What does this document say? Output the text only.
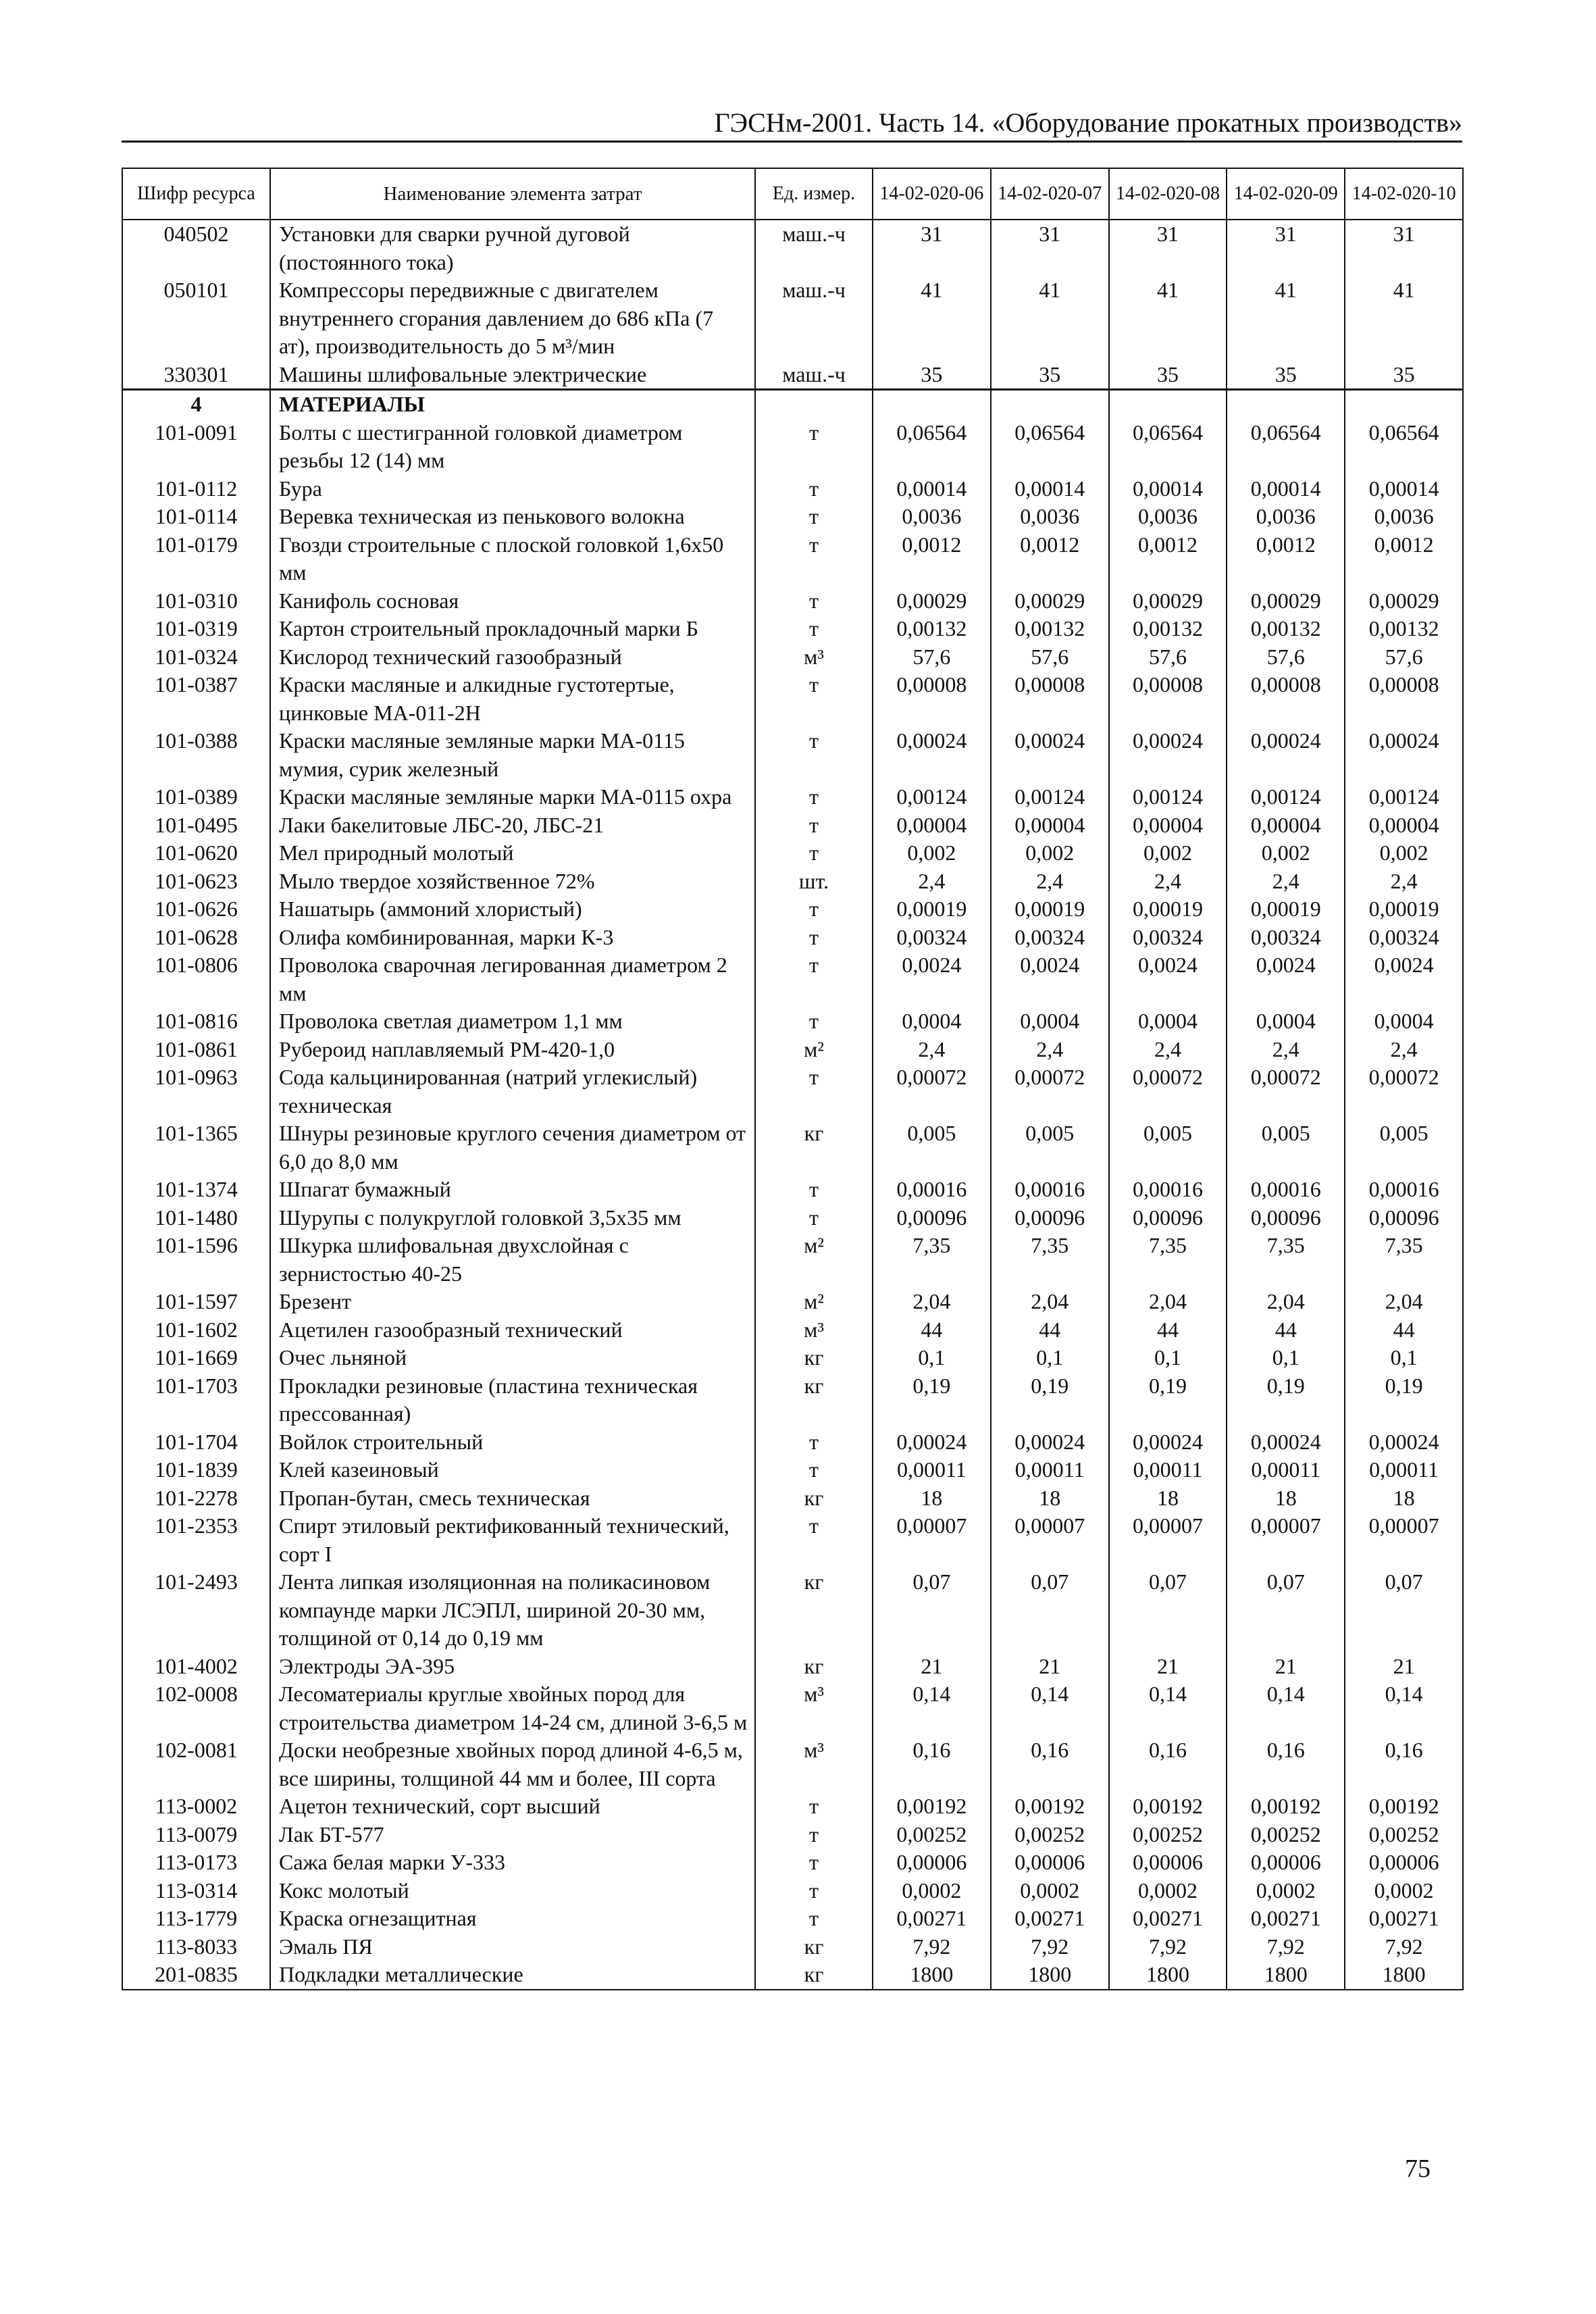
ГЭСНм-2001. Часть 14. «Оборудование прокатных производств»
Шифр ресурса	Наименование элемента затрат	Ед. измер.	14-02-020-06	14-02-020-07	14-02-020-08	14-02-020-09	14-02-020-10
040502	Установки для сварки ручной дуговой (постоянного тока)	маш.-ч	31	31	31	31	31
050101	Компрессоры передвижные с двигателем внутреннего сгорания давлением до 686 кПа (7 ат), производительность до 5 м³/мин	маш.-ч	41	41	41	41	41
330301	Машины шлифовальные электрические	маш.-ч	35	35	35	35	35
4	МАТЕРИАЛЫ						
101-0091	Болты с шестигранной головкой диаметром резьбы 12 (14) мм	т	0,06564	0,06564	0,06564	0,06564	0,06564
101-0112	Бура	т	0,00014	0,00014	0,00014	0,00014	0,00014
101-0114	Веревка техническая из пенькового волокна	т	0,0036	0,0036	0,0036	0,0036	0,0036
101-0179	Гвозди строительные с плоской головкой 1,6x50 мм	т	0,0012	0,0012	0,0012	0,0012	0,0012
101-0310	Канифоль сосновая	т	0,00029	0,00029	0,00029	0,00029	0,00029
101-0319	Картон строительный прокладочный марки Б	т	0,00132	0,00132	0,00132	0,00132	0,00132
101-0324	Кислород технический газообразный	м³	57,6	57,6	57,6	57,6	57,6
101-0387	Краски масляные и алкидные густотертые, цинковые МА-011-2Н	т	0,00008	0,00008	0,00008	0,00008	0,00008
101-0388	Краски масляные земляные марки МА-0115 мумия, сурик железный	т	0,00024	0,00024	0,00024	0,00024	0,00024
101-0389	Краски масляные земляные марки МА-0115 охра	т	0,00124	0,00124	0,00124	0,00124	0,00124
101-0495	Лаки бакелитовые ЛБС-20, ЛБС-21	т	0,00004	0,00004	0,00004	0,00004	0,00004
101-0620	Мел природный молотый	т	0,002	0,002	0,002	0,002	0,002
101-0623	Мыло твердое хозяйственное 72%	шт.	2,4	2,4	2,4	2,4	2,4
101-0626	Нашатырь (аммоний хлористый)	т	0,00019	0,00019	0,00019	0,00019	0,00019
101-0628	Олифа комбинированная, марки К-3	т	0,00324	0,00324	0,00324	0,00324	0,00324
101-0806	Проволока сварочная легированная диаметром 2 мм	т	0,0024	0,0024	0,0024	0,0024	0,0024
101-0816	Проволока светлая диаметром 1,1 мм	т	0,0004	0,0004	0,0004	0,0004	0,0004
101-0861	Рубероид наплавляемый РМ-420-1,0	м²	2,4	2,4	2,4	2,4	2,4
101-0963	Сода кальцинированная (натрий углекислый) техническая	т	0,00072	0,00072	0,00072	0,00072	0,00072
101-1365	Шнуры резиновые круглого сечения диаметром от 6,0 до 8,0 мм	кг	0,005	0,005	0,005	0,005	0,005
101-1374	Шпагат бумажный	т	0,00016	0,00016	0,00016	0,00016	0,00016
101-1480	Шурупы с полукруглой головкой 3,5x35 мм	т	0,00096	0,00096	0,00096	0,00096	0,00096
101-1596	Шкурка шлифовальная двухслойная с зернистостью 40-25	м²	7,35	7,35	7,35	7,35	7,35
101-1597	Брезент	м²	2,04	2,04	2,04	2,04	2,04
101-1602	Ацетилен газообразный технический	м³	44	44	44	44	44
101-1669	Очес льняной	кг	0,1	0,1	0,1	0,1	0,1
101-1703	Прокладки резиновые (пластина техническая прессованная)	кг	0,19	0,19	0,19	0,19	0,19
101-1704	Войлок строительный	т	0,00024	0,00024	0,00024	0,00024	0,00024
101-1839	Клей казеиновый	т	0,00011	0,00011	0,00011	0,00011	0,00011
101-2278	Пропан-бутан, смесь техническая	кг	18	18	18	18	18
101-2353	Спирт этиловый ректификованный технический, сорт I	т	0,00007	0,00007	0,00007	0,00007	0,00007
101-2493	Лента липкая изоляционная на поликасиновом компаунде марки ЛСЭПЛ, шириной 20-30 мм, толщиной от 0,14 до 0,19 мм	кг	0,07	0,07	0,07	0,07	0,07
101-4002	Электроды ЭА-395	кг	21	21	21	21	21
102-0008	Лесоматериалы круглые хвойных пород для строительства диаметром 14-24 см, длиной 3-6,5 м	м³	0,14	0,14	0,14	0,14	0,14
102-0081	Доски необрезные хвойных пород длиной 4-6,5 м, все ширины, толщиной 44 мм и более, III сорта	м³	0,16	0,16	0,16	0,16	0,16
113-0002	Ацетон технический, сорт высший	т	0,00192	0,00192	0,00192	0,00192	0,00192
113-0079	Лак БТ-577	т	0,00252	0,00252	0,00252	0,00252	0,00252
113-0173	Сажа белая марки У-333	т	0,00006	0,00006	0,00006	0,00006	0,00006
113-0314	Кокс молотый	т	0,0002	0,0002	0,0002	0,0002	0,0002
113-1779	Краска огнезащитная	т	0,00271	0,00271	0,00271	0,00271	0,00271
113-8033	Эмаль ПЯ	кг	7,92	7,92	7,92	7,92	7,92
201-0835	Подкладки металлические	кг	1800	1800	1800	1800	1800
75
